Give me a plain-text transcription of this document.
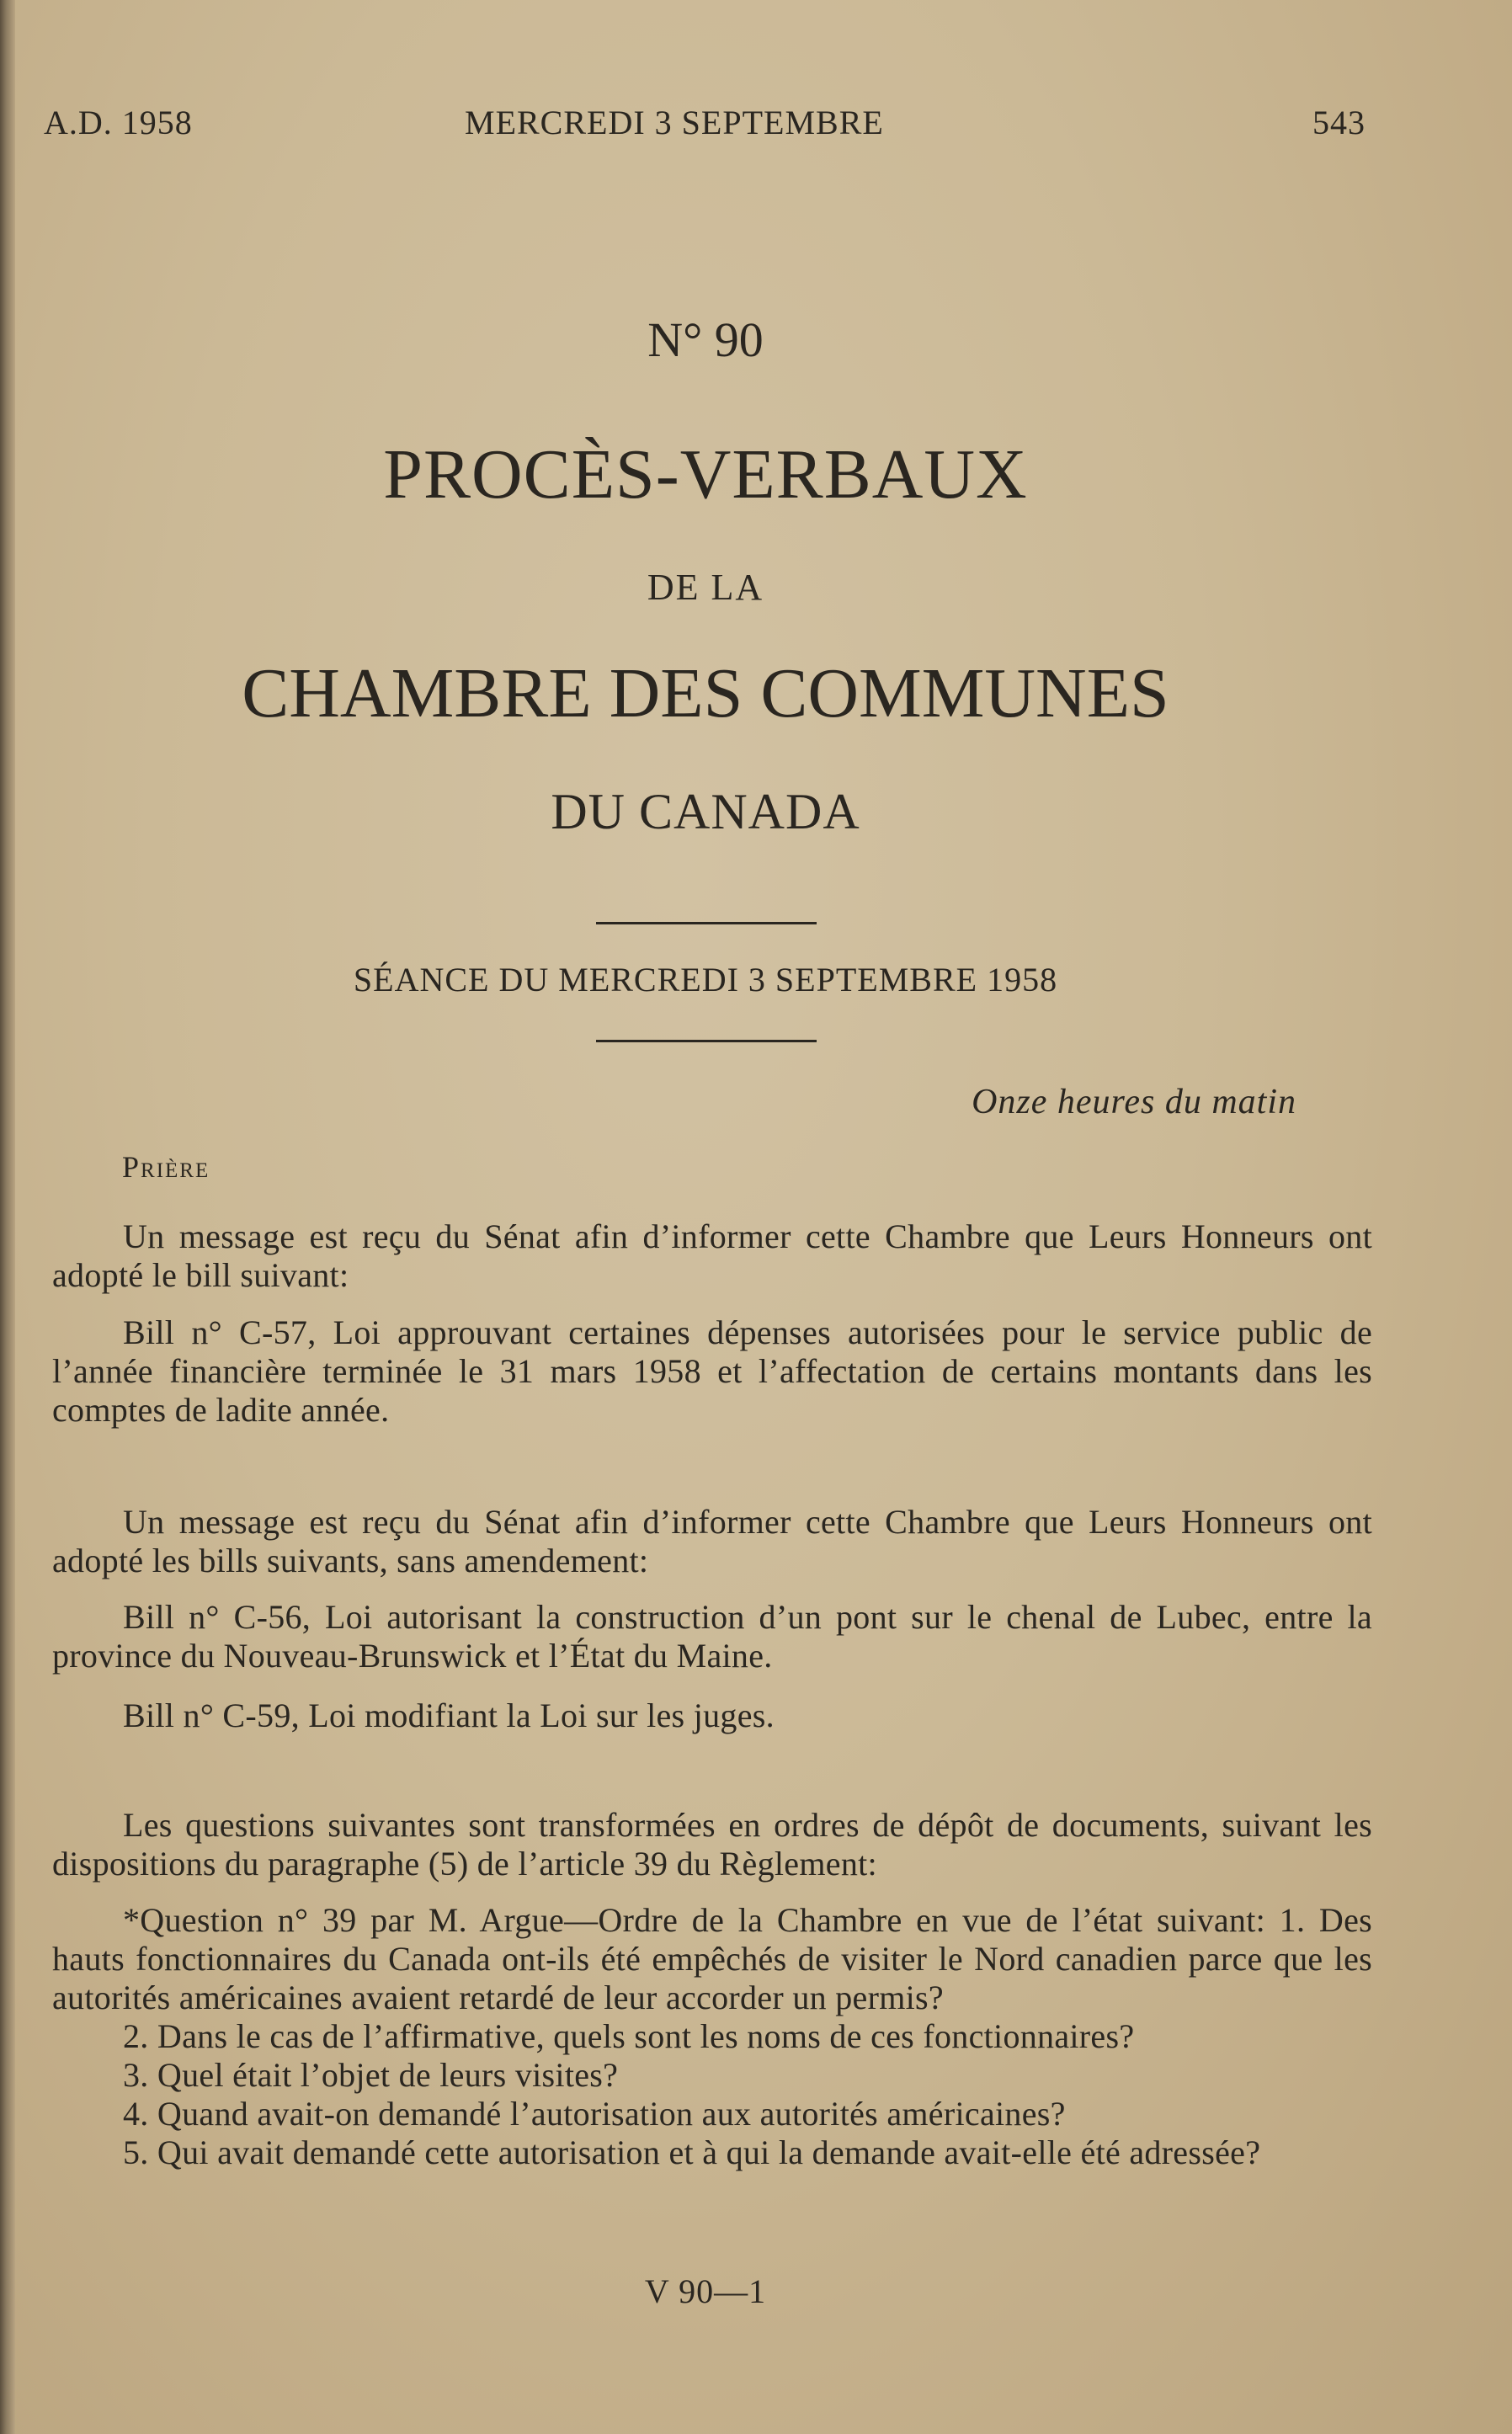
A.D. 1958	MERCREDI 3 SEPTEMBRE	543
N° 90
PROCÈS-VERBAUX
DE LA
CHAMBRE DES COMMUNES
DU CANADA
SÉANCE DU MERCREDI 3 SEPTEMBRE 1958
Onze heures du matin
Prière

Un message est reçu du Sénat afin d’informer cette Chambre que Leurs Honneurs ont adopté le bill suivant:

Bill n° C-57, Loi approuvant certaines dépenses autorisées pour le service public de l’année financière terminée le 31 mars 1958 et l’affectation de certains montants dans les comptes de ladite année.

Un message est reçu du Sénat afin d’informer cette Chambre que Leurs Honneurs ont adopté les bills suivants, sans amendement:

Bill n° C-56, Loi autorisant la construction d’un pont sur le chenal de Lubec, entre la province du Nouveau-Brunswick et l’État du Maine.

Bill n° C-59, Loi modifiant la Loi sur les juges.

Les questions suivantes sont transformées en ordres de dépôt de documents, suivant les dispositions du paragraphe (5) de l’article 39 du Règlement:

*Question n° 39 par M. Argue—Ordre de la Chambre en vue de l’état suivant: 1. Des hauts fonctionnaires du Canada ont-ils été empêchés de visiter le Nord canadien parce que les autorités américaines avaient retardé de leur accorder un permis?

2. Dans le cas de l’affirmative, quels sont les noms de ces fonctionnaires?

3. Quel était l’objet de leurs visites?

4. Quand avait-on demandé l’autorisation aux autorités américaines?

5. Qui avait demandé cette autorisation et à qui la demande avait-elle été adressée?

V 90—1
